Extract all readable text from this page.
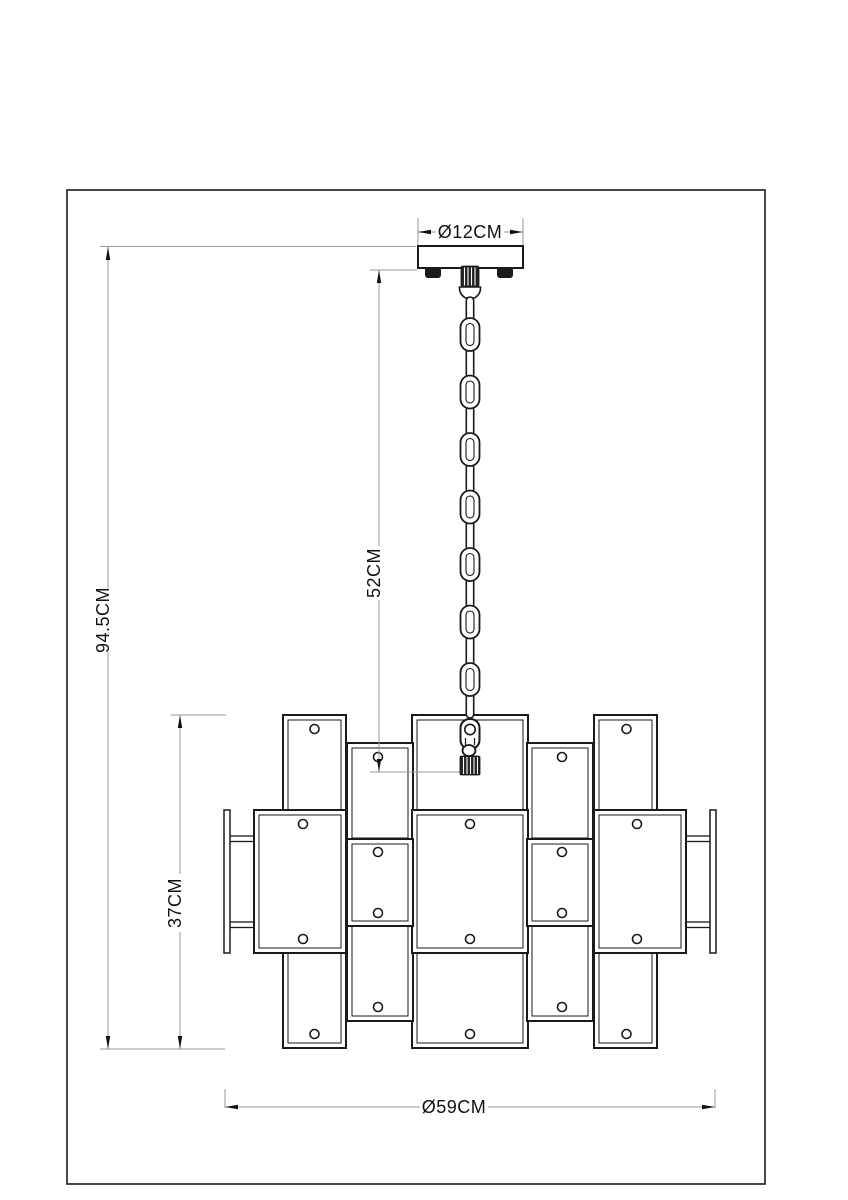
Ø12CM
94.5CM
37CM
52CM
Ø59CM
